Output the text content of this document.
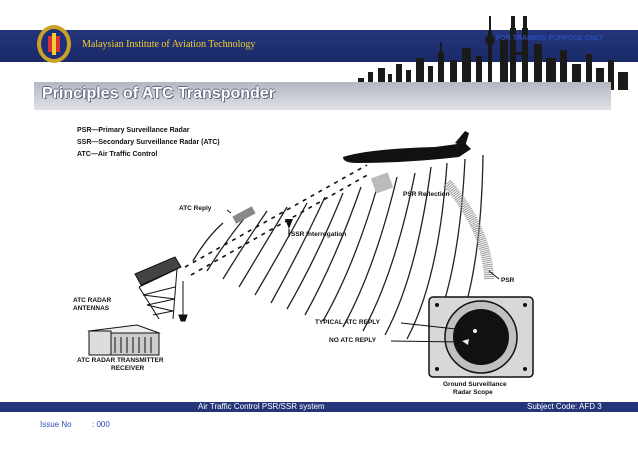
Malaysian Institute of Aviation Technology
FOR TRAINING PURPOSE ONLY
Principles of ATC Transponder
PSR—Primary Surveillance Radar
SSR—Secondary Surveillance Radar (ATC)
ATC—Air Traffic Control
ATC Reply
SSR Interrogation
PSR Reflection
PSR
ATC RADAR
ANTENNAS
ATC RADAR TRANSMITTER
RECEIVER
TYPICAL ATC REPLY
NO ATC REPLY
Ground Surveillance
Radar Scope
Air Traffic Control PSR/SSR system	Subject Code: AFD 3
Issue No	: 000
